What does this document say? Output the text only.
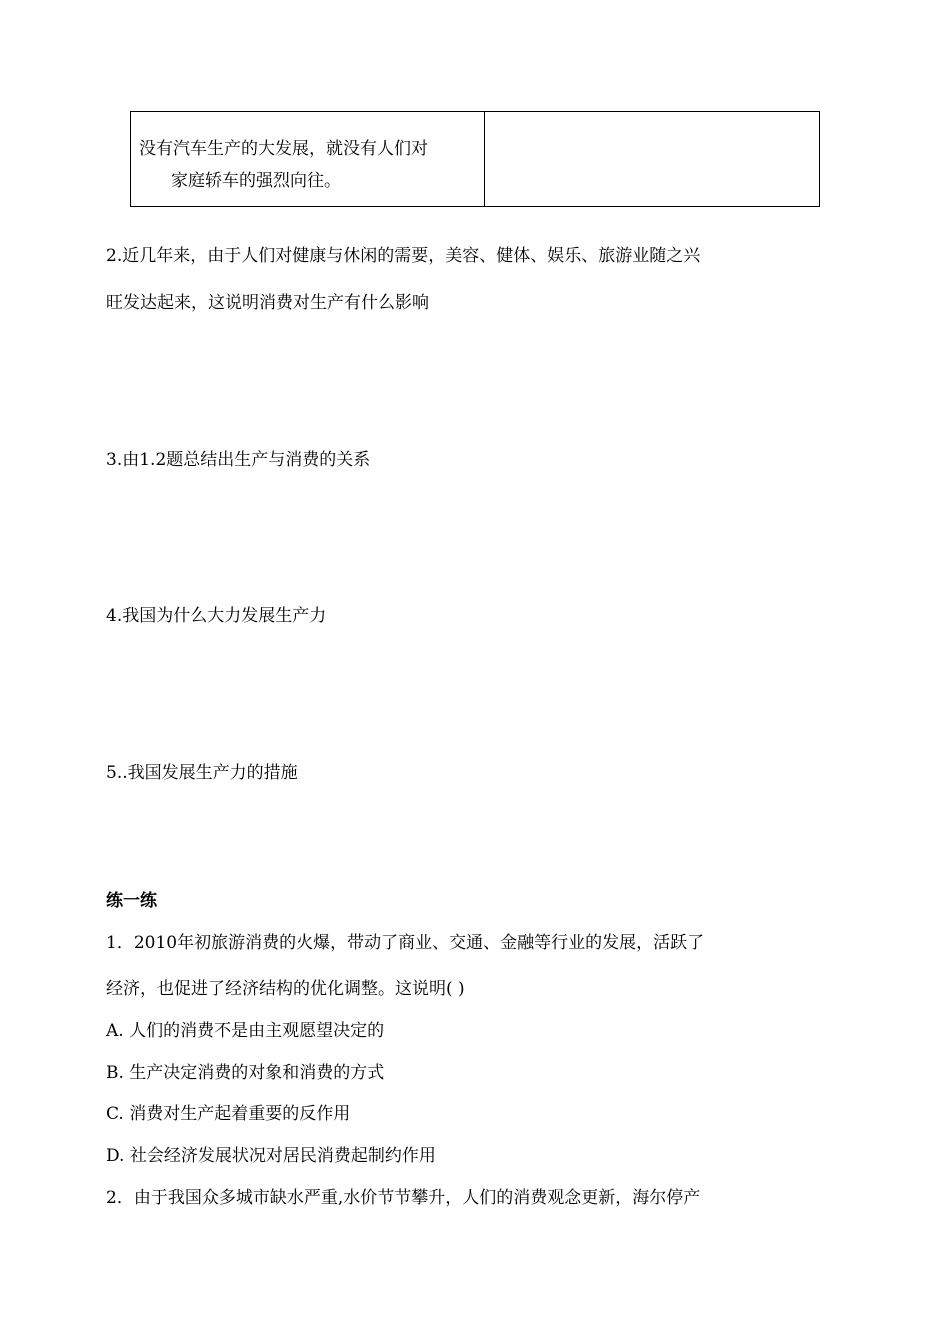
没有汽车生产的大发展，就没有人们对
家庭轿车的强烈向往。
2.近几年来，由于人们对健康与休闲的需要，美容、健体、娱乐、旅游业随之兴
旺发达起来，这说明消费对生产有什么影响
3.由1.2题总结出生产与消费的关系
4.我国为什么大力发展生产力
5..我国发展生产力的措施
练一练
1．2010年初旅游消费的火爆，带动了商业、交通、金融等行业的发展，活跃了
经济，也促进了经济结构的优化调整。这说明( )
A. 人们的消费不是由主观愿望决定的
B. 生产决定消费的对象和消费的方式
C. 消费对生产起着重要的反作用
D. 社会经济发展状况对居民消费起制约作用
2．由于我国众多城市缺水严重,水价节节攀升，人们的消费观念更新，海尔停产
